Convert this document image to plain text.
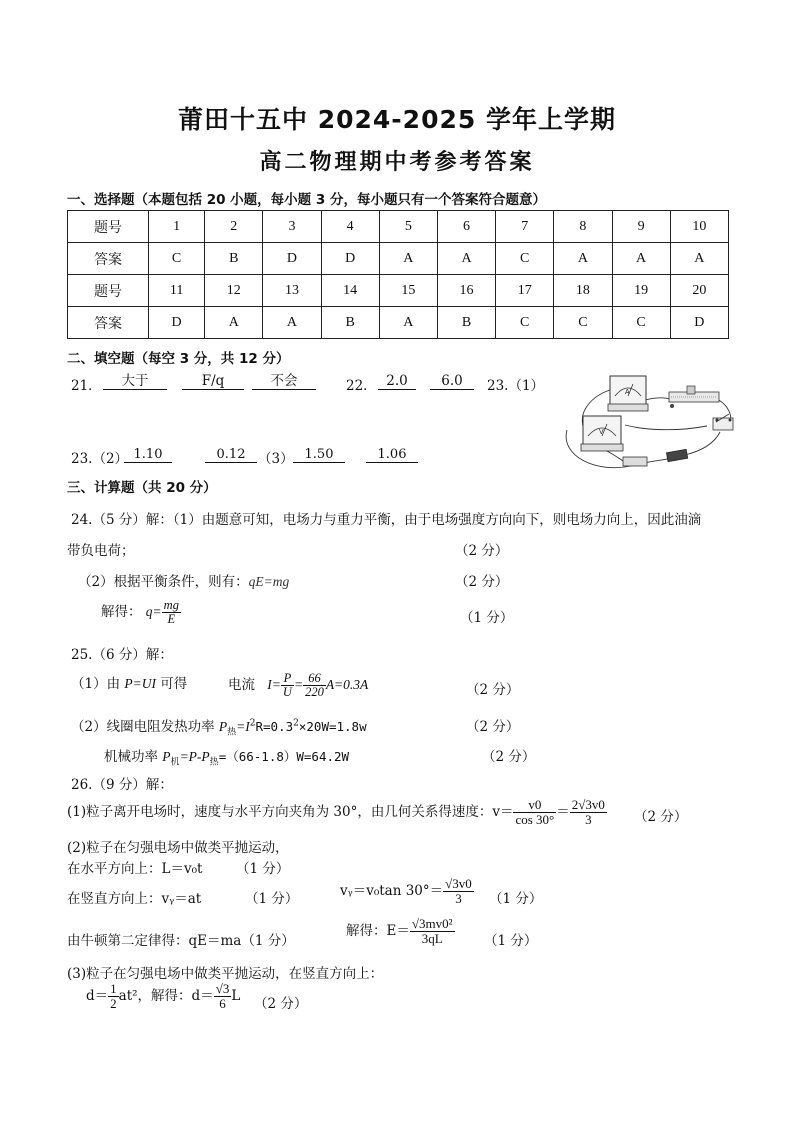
莆田十五中 2024-2025 学年上学期
高二物理期中考参考答案
一、选择题（本题包括 20 小题，每小题 3 分，每小题只有一个答案符合题意）
题号	1	2	3	4	5	6	7	8	9	10
答案	C	B	D	D	A	A	C	A	A	A
题号	11	12	13	14	15	16	17	18	19	20
答案	D	A	A	B	A	B	C	C	C	D
二、填空题（每空 3 分，共 12 分）
21．	大于	F/q	不会	22． 2.0	6.0	23.（1）	A
V
23.（2） 1.10	0.12 （3） 1.50	1.06
三、计算题（共 20 分）
24.（5 分）解：（1）由题意可知，电场力与重力平衡，由于电场强度方向向下，则电场力向上，因此油滴
带负电荷；	（2 分）
（2）根据平衡条件，则有：qE=mg	（2 分）
解得： $q= \frac{mg}{E}$	（1 分）
25.（6 分）解：
（1）由 P=UI 可得	电流 $I= \frac{P}{U} = \frac{66}{220} A=0.3A$	（2 分）
（2）线圈电阻发热功率 $P_热=I^2R=0.3^2\times 20W=1.8w$	（2 分）
机械功率 $P_机=P-P_热=(66-1.8)W=64.2W$	（2 分）
26.（9 分）解：
(1)粒子离开电场时，速度与水平方向夹角为 30°，由几何关系得速度：$v= \frac{v0}{\cos 30^\circ} = \frac{2√3v0}{3} (2$ 分）
(2)粒子在匀强电场中做类平抛运动，
在水平方向上：L＝v₀t （1 分）
在竖直方向上：vᵧ＝at	（1 分）	vᵧ＝v₀tan $30^\circ= \frac{√3v0}{3} (1$ 分）
由牛顿第二定律得：qE＝ma（1 分）
解得：$E= \frac{\text{√3mv0²}}{3qL} (1$ 分）
(3)粒子在匀强电场中做类平抛运动，在竖直方向上：
$d= \frac{1}{2} at^2$，解得：$d= \frac{√3}{6}$ L （2 分）
